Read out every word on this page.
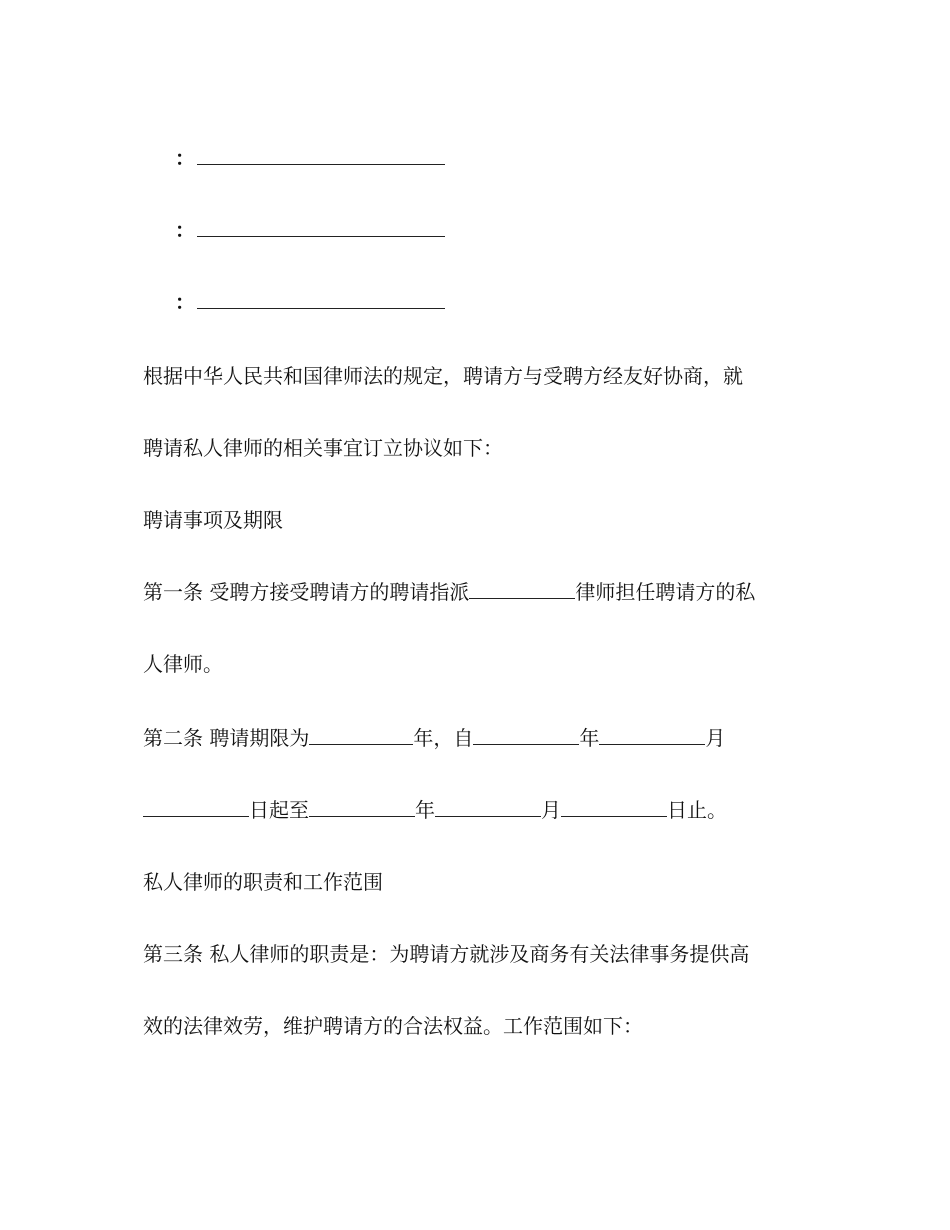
：
：
：
根据中华人民共和国律师法的规定，聘请方与受聘方经友好协商，就
聘请私人律师的相关事宜订立协议如下：
聘请事项及期限
第一条 受聘方接受聘请方的聘请指派	律师担任聘请方的私
人律师。
第二条 聘请期限为	年，自	年	月
日起至	年	月	日止。
私人律师的职责和工作范围
第三条 私人律师的职责是：为聘请方就涉及商务有关法律事务提供高
效的法律效劳，维护聘请方的合法权益。工作范围如下：
